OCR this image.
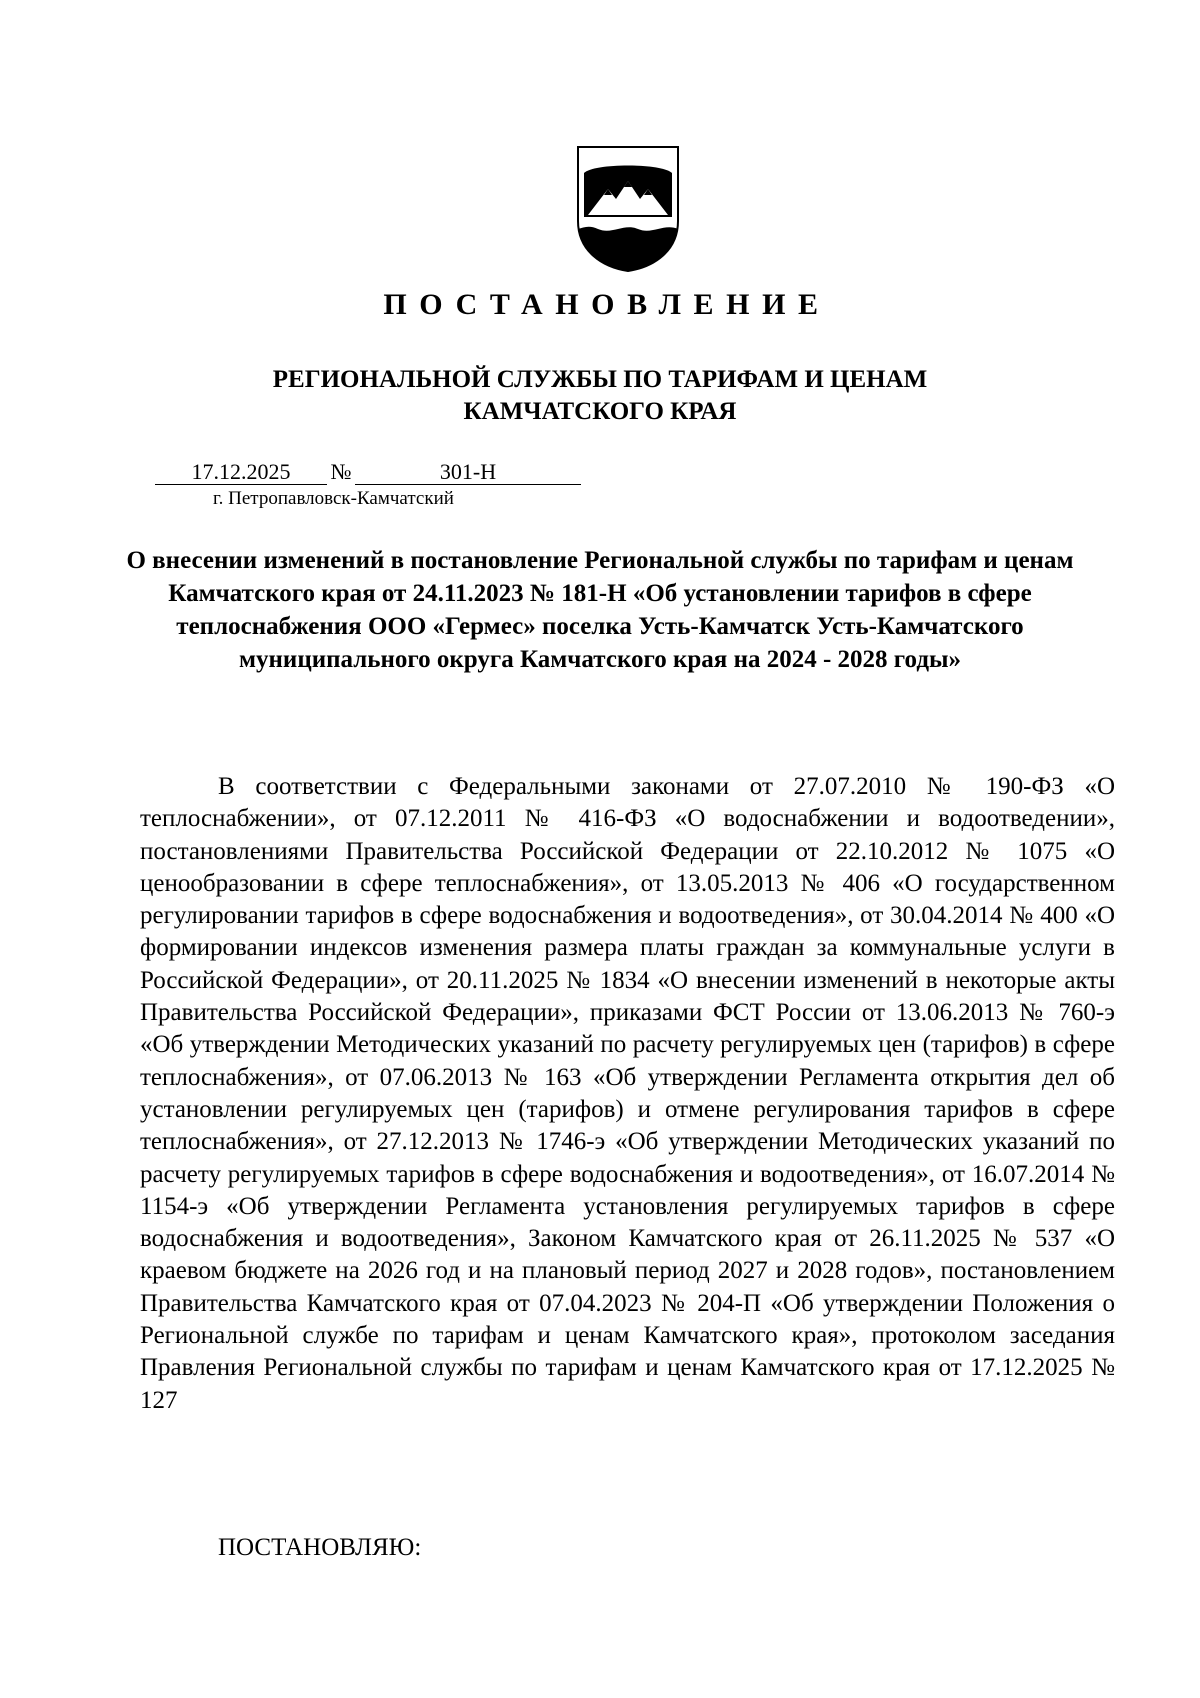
ПОСТАНОВЛЕНИЕ
РЕГИОНАЛЬНОЙ СЛУЖБЫ ПО ТАРИФАМ И ЦЕНАМ
КАМЧАТСКОГО КРАЯ
17.12.2025 №	301-Н

г. Петропавловск-Камчатский

О внесении изменений в постановление Региональной службы по тарифам и ценам Камчатского края от 24.11.2023 № 181-Н «Об установлении тарифов в сфере теплоснабжения ООО «Гермес» поселка Усть-Камчатск Усть-Камчатского муниципального округа Камчатского края на 2024 - 2028 годы»

В соответствии с Федеральными законами от 27.07.2010 № 190-ФЗ «О теплоснабжении», от 07.12.2011 № 416-ФЗ «О водоснабжении и водоотведении», постановлениями Правительства Российской Федерации от 22.10.2012 № 1075 «О ценообразовании в сфере теплоснабжения», от 13.05.2013 № 406 «О государственном регулировании тарифов в сфере водоснабжения и водоотведения», от 30.04.2014 № 400 «О формировании индексов изменения размера платы граждан за коммунальные услуги в Российской Федерации», от 20.11.2025 № 1834 «О внесении изменений в некоторые акты Правительства Российской Федерации», приказами ФСТ России от 13.06.2013 № 760-э «Об утверждении Методических указаний по расчету регулируемых цен (тарифов) в сфере теплоснабжения», от 07.06.2013 № 163 «Об утверждении Регламента открытия дел об установлении регулируемых цен (тарифов) и отмене регулирования тарифов в сфере теплоснабжения», от 27.12.2013 № 1746-э «Об утверждении Методических указаний по расчету регулируемых тарифов в сфере водоснабжения и водоотведения», от 16.07.2014 № 1154-э «Об утверждении Регламента установления регулируемых тарифов в сфере водоснабжения и водоотведения», Законом Камчатского края от 26.11.2025 № 537 «О краевом бюджете на 2026 год и на плановый период 2027 и 2028 годов», постановлением Правительства Камчатского края от 07.04.2023 № 204-П «Об утверждении Положения о Региональной службе по тарифам и ценам Камчатского края», протоколом заседания Правления Региональной службы по тарифам и ценам Камчатского края от 17.12.2025 № 127

ПОСТАНОВЛЯЮ:
